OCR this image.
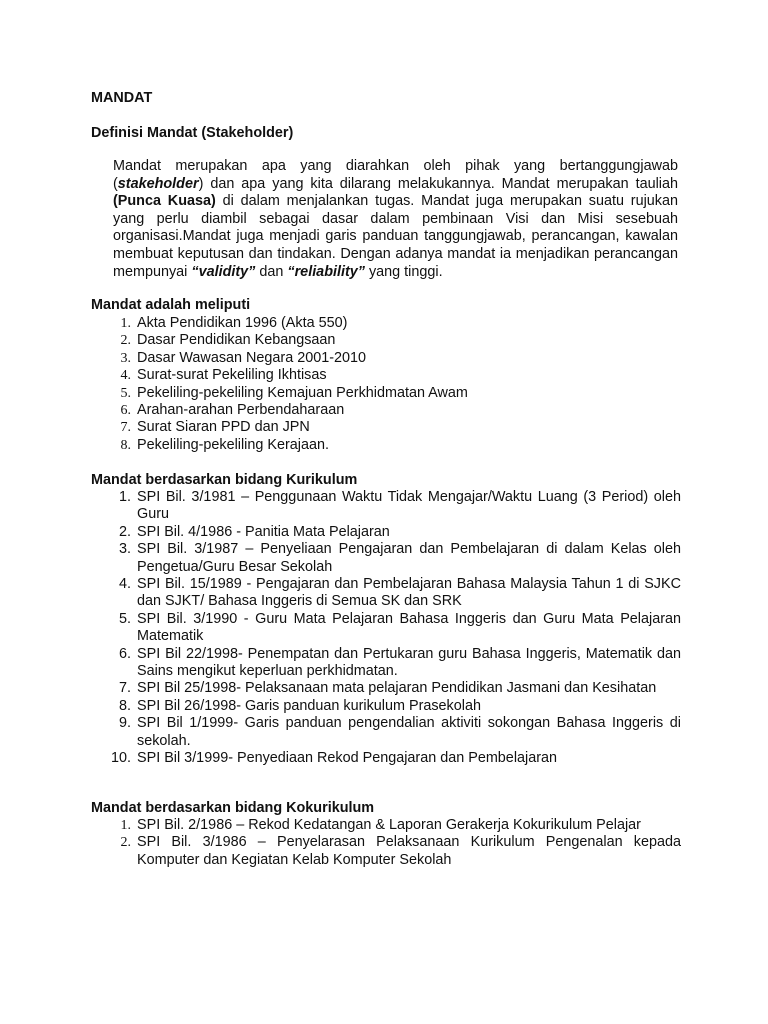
MANDAT

Definisi Mandat (Stakeholder)

Mandat merupakan apa yang diarahkan oleh pihak yang bertanggungjawab (stakeholder) dan apa yang kita dilarang melakukannya. Mandat merupakan tauliah (Punca Kuasa) di dalam menjalankan tugas. Mandat juga merupakan suatu rujukan yang perlu diambil sebagai dasar dalam pembinaan Visi dan Misi sesebuah organisasi.Mandat juga menjadi garis panduan tanggungjawab, perancangan, kawalan membuat keputusan dan tindakan. Dengan adanya mandat ia menjadikan perancangan mempunyai “validity” dan “reliability” yang tinggi.

Mandat adalah meliputi

1. Akta Pendidikan 1996 (Akta 550)
2. Dasar Pendidikan Kebangsaan
3. Dasar Wawasan Negara 2001-2010
4. Surat-surat Pekeliling Ikhtisas
5. Pekeliling-pekeliling Kemajuan Perkhidmatan Awam
6. Arahan-arahan Perbendaharaan
7. Surat Siaran PPD dan JPN
8. Pekeliling-pekeliling Kerajaan.

Mandat berdasarkan bidang Kurikulum

1. SPI Bil. 3/1981 – Penggunaan Waktu Tidak Mengajar/Waktu Luang (3 Period) oleh Guru
2. SPI Bil. 4/1986 - Panitia Mata Pelajaran
3. SPI Bil. 3/1987 – Penyeliaan Pengajaran dan Pembelajaran di dalam Kelas oleh Pengetua/Guru Besar Sekolah
4. SPI Bil. 15/1989 - Pengajaran dan Pembelajaran Bahasa Malaysia Tahun 1 di SJKC dan SJKT/ Bahasa Inggeris di Semua SK dan SRK
5. SPI Bil. 3/1990 - Guru Mata Pelajaran Bahasa Inggeris dan Guru Mata Pelajaran Matematik
6. SPI Bil 22/1998- Penempatan dan Pertukaran guru Bahasa Inggeris, Matematik dan Sains mengikut keperluan perkhidmatan.
7. SPI Bil 25/1998- Pelaksanaan mata pelajaran Pendidikan Jasmani dan Kesihatan
8. SPI Bil 26/1998- Garis panduan kurikulum Prasekolah
9. SPI Bil 1/1999- Garis panduan pengendalian aktiviti sokongan Bahasa Inggeris di sekolah.
10. SPI Bil 3/1999- Penyediaan Rekod Pengajaran dan Pembelajaran

Mandat berdasarkan bidang Kokurikulum

1. SPI Bil. 2/1986 – Rekod Kedatangan & Laporan Gerakerja Kokurikulum Pelajar
2. SPI Bil. 3/1986 – Penyelarasan Pelaksanaan Kurikulum Pengenalan kepada Komputer dan Kegiatan Kelab Komputer Sekolah
